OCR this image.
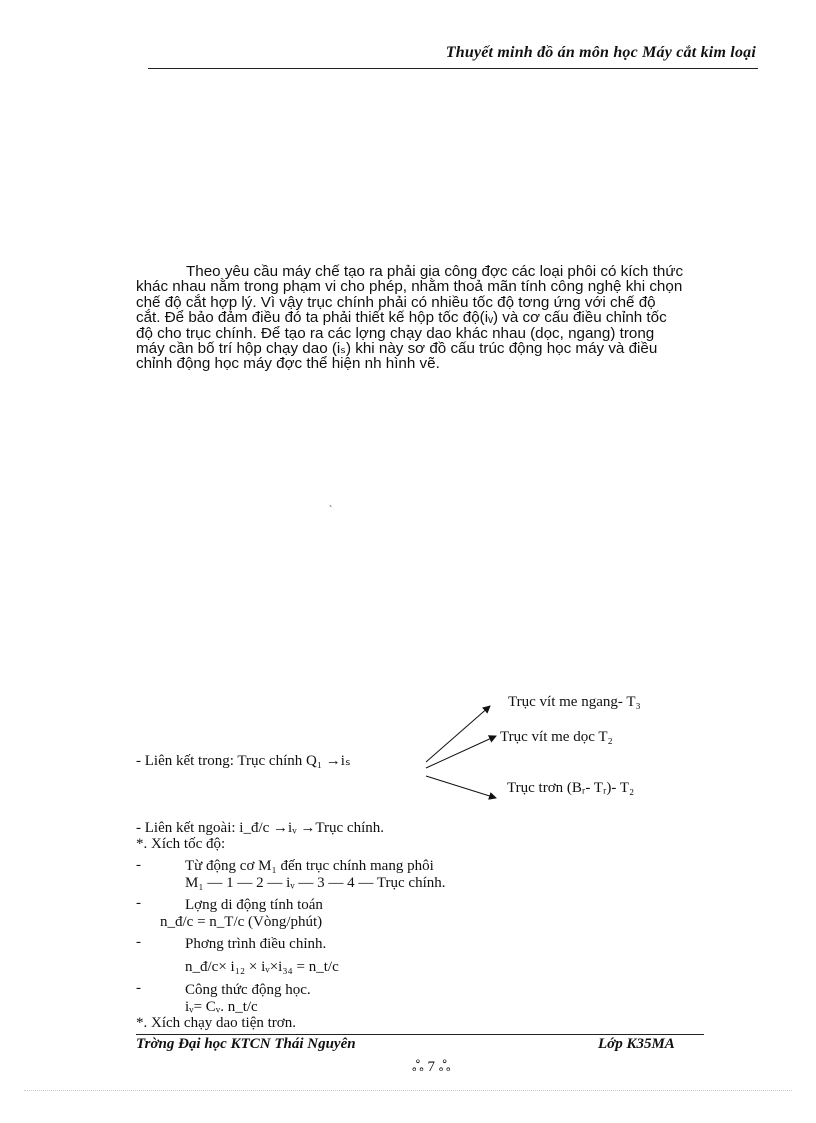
Thuyết minh đồ án môn học Máy cắt kim loại
Theo yêu cầu máy chế tạo ra phải gia công đợc các loại phôi có kích thức
khác nhau nằm trong phạm vi cho phép, nhằm thoả mãn tính công nghệ khi chọn
chế độ cắt hợp lý. Vì vậy trục chính phải có nhiều tốc độ tơng ứng với chế độ
cắt. Để bảo đảm điều đó ta phải thiết kế hộp tốc độ(iᵥ) và cơ cấu điều chỉnh tốc
độ cho trục chính. Để tạo ra các lợng chạy dao khác nhau (dọc, ngang) trong
máy cần bố trí hộp chạy dao (iₛ) khi này sơ đồ cấu trúc động học máy và điều
chỉnh động học máy đợc thể hiện nh hình vẽ.
`
Trục vít me ngang- T₃
Trục vít me dọc T₂
Trục trơn (Bᵣ- Tᵣ)- T₂
- Liên kết trong: Trục chính Q₁ →iₛ
- Liên kết ngoài: i_đ/c →iᵥ →Trục chính.
*. Xích tốc độ:
-	Từ động cơ M₁ đến trục chính mang phôi
M₁ — 1 — 2 — iᵥ — 3 — 4 — Trục chính.
-	Lợng di động tính toán
n_đ/c = n_T/c (Vòng/phút)
-	Phơng trình điều chỉnh.
n_đ/c× i₁₂ × iᵥ×i₃₄ = n_t/c
-	Công thức động học.
iᵥ= Cᵥ. n_t/c
*. Xích chạy dao tiện trơn.
Trờng Đại học KTCN Thái Nguyên	Lớp K35MA
ஃ 7 ஃ
